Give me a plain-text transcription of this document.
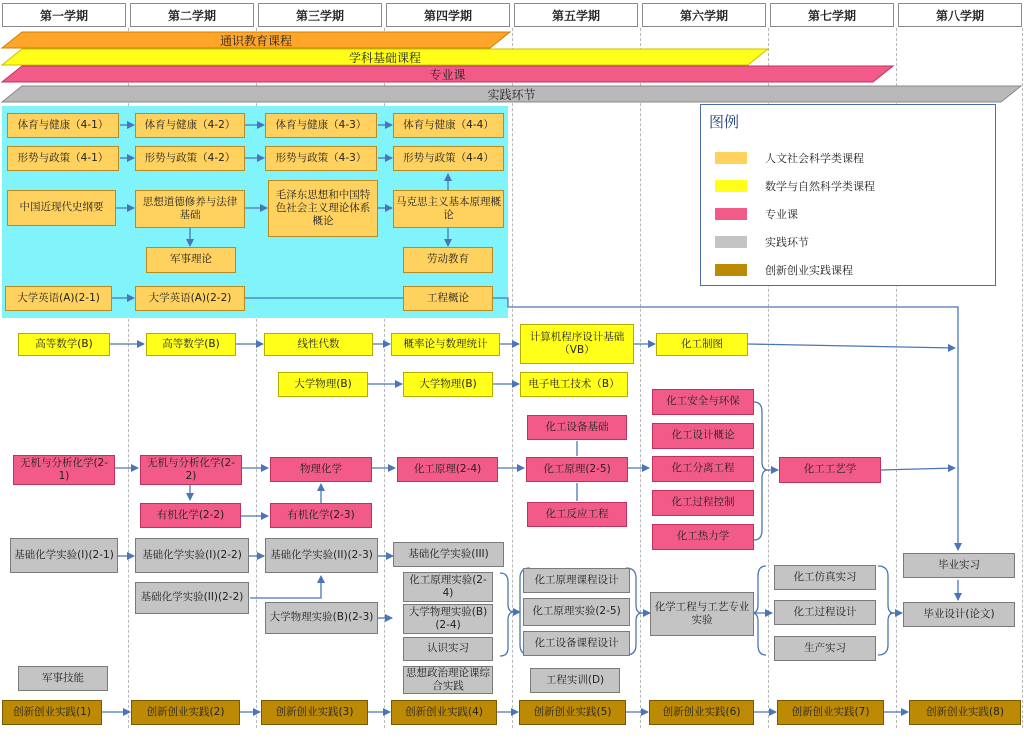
第一学期	第二学期	第三学期	第四学期	第五学期	第六学期	第七学期	第八学期
通识教育课程
学科基础课程
专业课
实践环节
图例
人文社会科学类课程
数学与自然科学类课程
专业课
实践环节
创新创业实践课程
体育与健康（4-1）	体育与健康（4-2）	体育与健康（4-3）	体育与健康（4-4）
形势与政策（4-1）	形势与政策（4-2）	形势与政策（4-3）	形势与政策（4-4）
中国近现代史纲要	思想道德修养与法律基础
毛泽东思想和中国特色社会主义理论体系概论
马克思主义基本原理概论
军事理论	劳动教育
大学英语(A)(2-1)	大学英语(A)(2-2)	工程概论
高等数学(B)	高等数学(B)	线性代数	概率论与数理统计
计算机程序设计基础（VB）
化工制图
大学物理(B)	大学物理(B)	电子电工技术（B）
化工安全与环保
化工设计概论
化工分离工程
化工过程控制
化工热力学
化工工艺学
化工设备基础
化工反应工程
无机与分析化学(2-1)
无机与分析化学(2-2)
物理化学	化工原理(2-4)	化工原理(2-5)
有机化学(2-2)	有机化学(2-3)
基础化学实验(I)(2-1)	基础化学实验(I)(2-2)	基础化学实验(II)(2-3)	基础化学实验(III)
基础化学实验(II)(2-2)
化工原理实验(2-4)
大学物理实验(B)(2-3)	大学物理实验(B)(2-4)
认识实习
化工原理课程设计
化工原理实验(2-5)
化工设备课程设计
化学工程与工艺专业实验
化工仿真实习
化工过程设计
生产实习
毕业实习
毕业设计(论文)
军事技能	思想政治理论课综合实践
工程实训(D)
创新创业实践(1)	创新创业实践(2)	创新创业实践(3)	创新创业实践(4)	创新创业实践(5)	创新创业实践(6)	创新创业实践(7)	创新创业实践(8)
